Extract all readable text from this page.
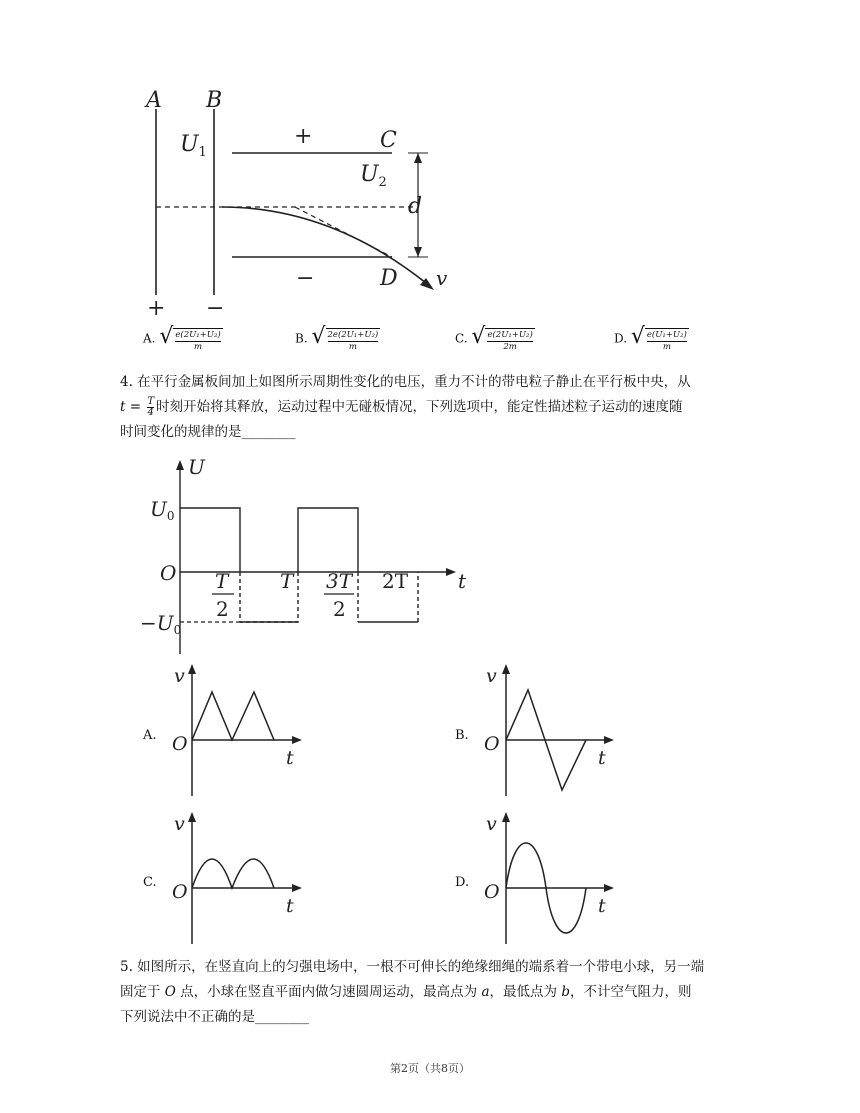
A B
$U_1$	C
$U_2$
d
D v
+
−
+ −
A. √ e(2U₁+U₂)
m
B. √ 2e(2U₁+U₂)
m
C. √ e(2U₁+U₂)
2m
D. √ e(U₁+U₂)
m
4. 在平行金属板间加上如图所示周期性变化的电压，重力不计的带电粒子静止在平行板中央，从
$t = \frac{T}{4}$ 时刻开始将其释放，运动过程中无碰板情况，下列选项中，能定性描述粒子运动的速度随
时间变化的规律的是________
U
t
O
$U_0$
$-U_0$
T
2
T 3T
2
2T
A.
v
t
O	B.
v
t
O
C.
v
t
O	D.
v
t
O
5. 如图所示，在竖直向上的匀强电场中，一根不可伸长的绝缘细绳的端系着一个带电小球，另一端
固定于 O 点，小球在竖直平面内做匀速圆周运动，最高点为 a，最低点为 b，不计空气阻力，则
下列说法中不正确的是________
第2页（共8页）
